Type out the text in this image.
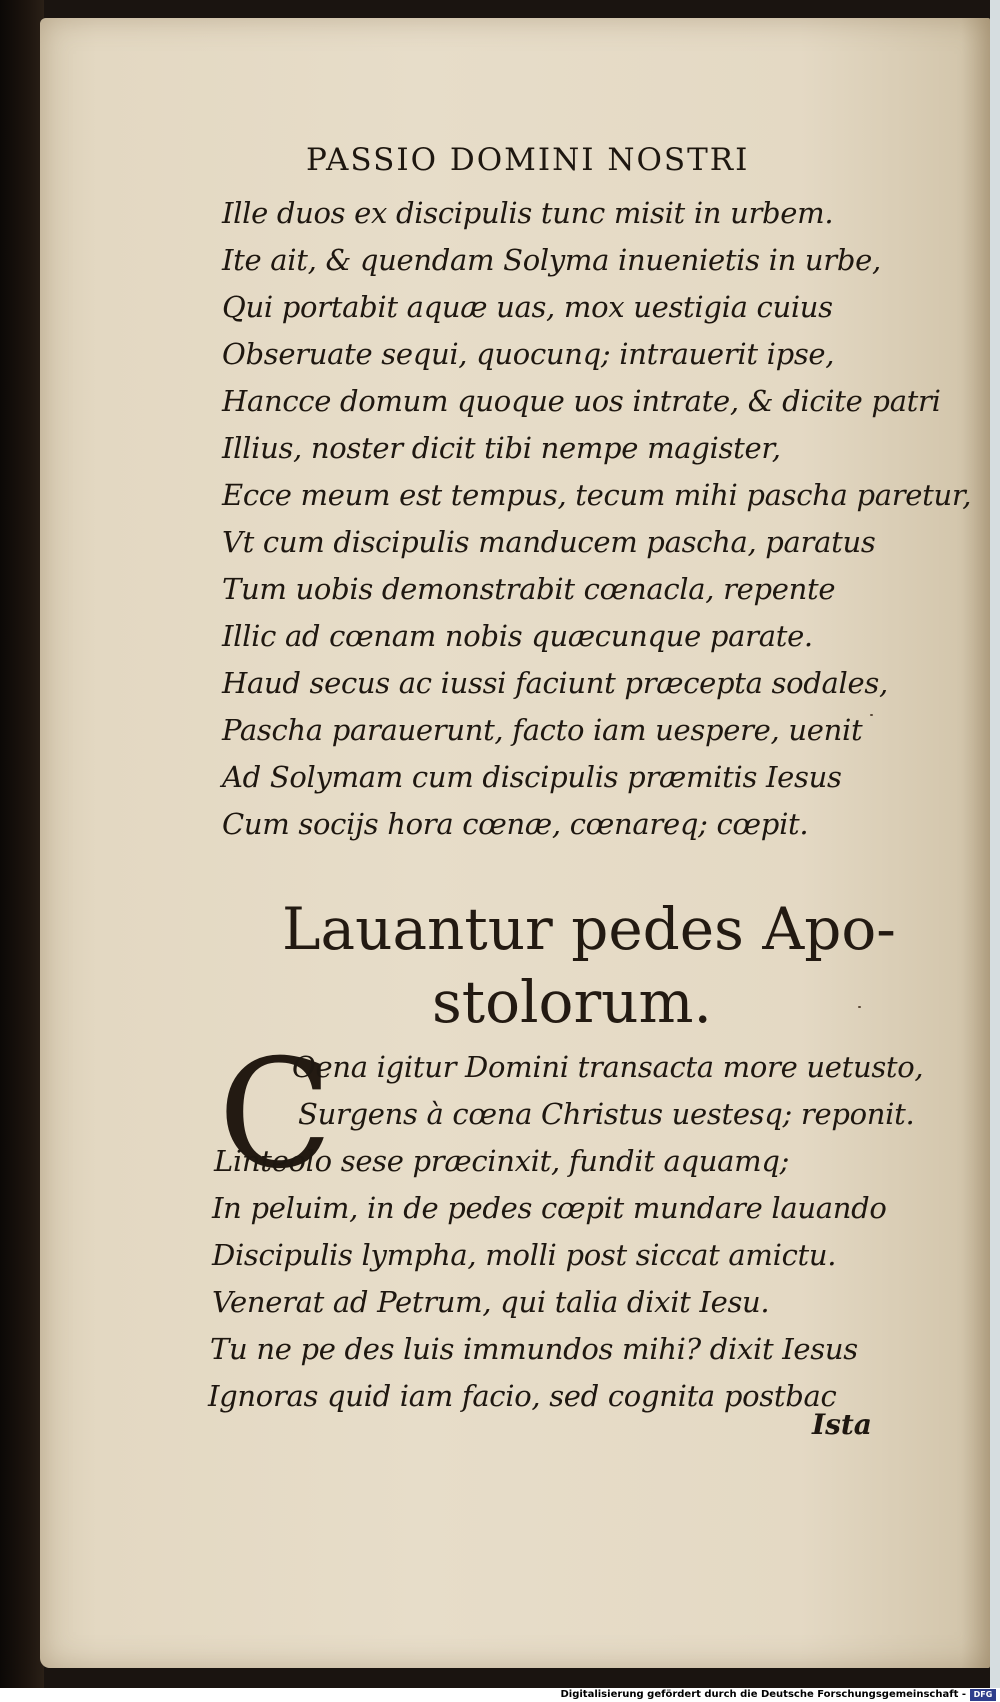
PASSIO DOMINI NOSTRI
Ille duos ex discipulis tunc misit in urbem.
Ite ait, & quendam Solyma inuenietis in urbe,
Qui portabit aquæ uas, mox uestigia cuius
Obseruate sequi, quocunq; intrauerit ipse,
Hancce domum quoque uos intrate, & dicite patri
Illius, noster dicit tibi nempe magister,
Ecce meum est tempus, tecum mihi pascha paretur,
Vt cum discipulis manducem pascha, paratus
Tum uobis demonstrabit cœnacla, repente
Illic ad cœnam nobis quæcunque parate.
Haud secus ac iussi faciunt præcepta sodales,
Pascha parauerunt, facto iam uespere, uenit
Ad Solymam cum discipulis præmitis Iesus
Cum socijs hora cœnæ, cœnareq; cœpit.
Lauantur pedes Apo-
stolorum.
C
Oena igitur Domini transacta more uetusto,
Surgens à cœna Christus uestesq; reponit.
Linteolo sese præcinxit, fundit aquamq;
In peluim, in de pedes cœpit mundare lauando
Discipulis lympha, molli post siccat amictu.
Venerat ad Petrum, qui talia dixit Iesu.
Tu ne pe des luis immundos mihi? dixit Iesus
Ignoras quid iam facio, sed cognita postbac
Ista
Digitalisierung gefördert durch die Deutsche Forschungsgemeinschaft - DFG
